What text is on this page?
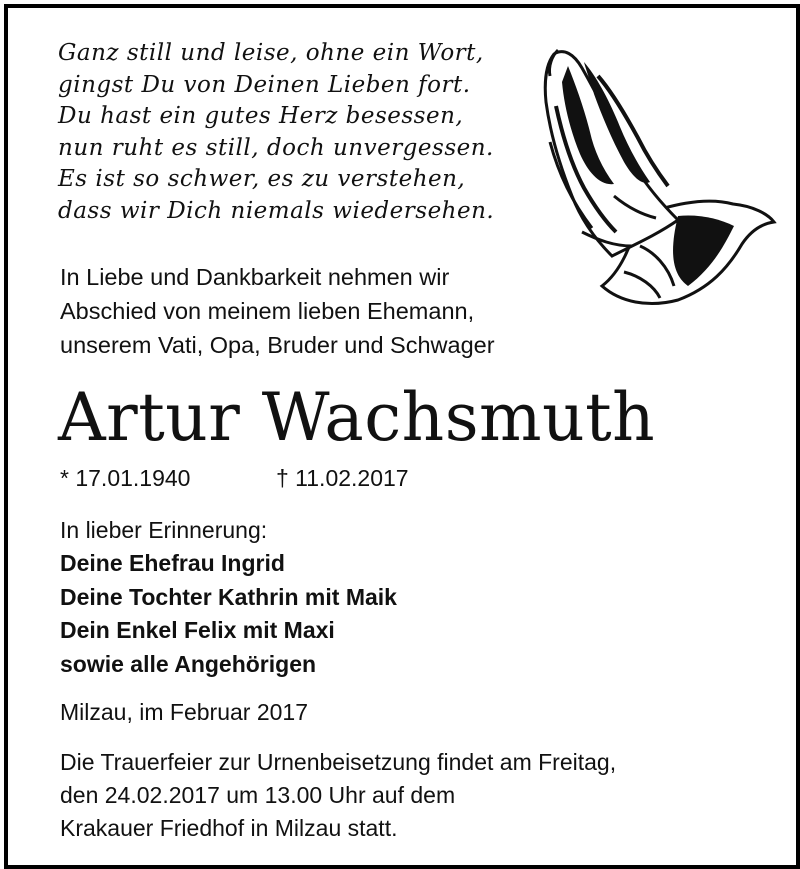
Ganz still und leise, ohne ein Wort,
gingst Du von Deinen Lieben fort.
Du hast ein gutes Herz besessen,
nun ruht es still, doch unvergessen.
Es ist so schwer, es zu verstehen,
dass wir Dich niemals wiedersehen.
In Liebe und Dankbarkeit nehmen wir
Abschied von meinem lieben Ehemann,
unserem Vati, Opa, Bruder und Schwager
Artur Wachsmuth
* 17.01.1940	† 11.02.2017
In lieber Erinnerung:
Deine Ehefrau Ingrid
Deine Tochter Kathrin mit Maik
Dein Enkel Felix mit Maxi
sowie alle Angehörigen
Milzau, im Februar 2017
Die Trauerfeier zur Urnenbeisetzung findet am Freitag,
den 24.02.2017 um 13.00 Uhr auf dem
Krakauer Friedhof in Milzau statt.
